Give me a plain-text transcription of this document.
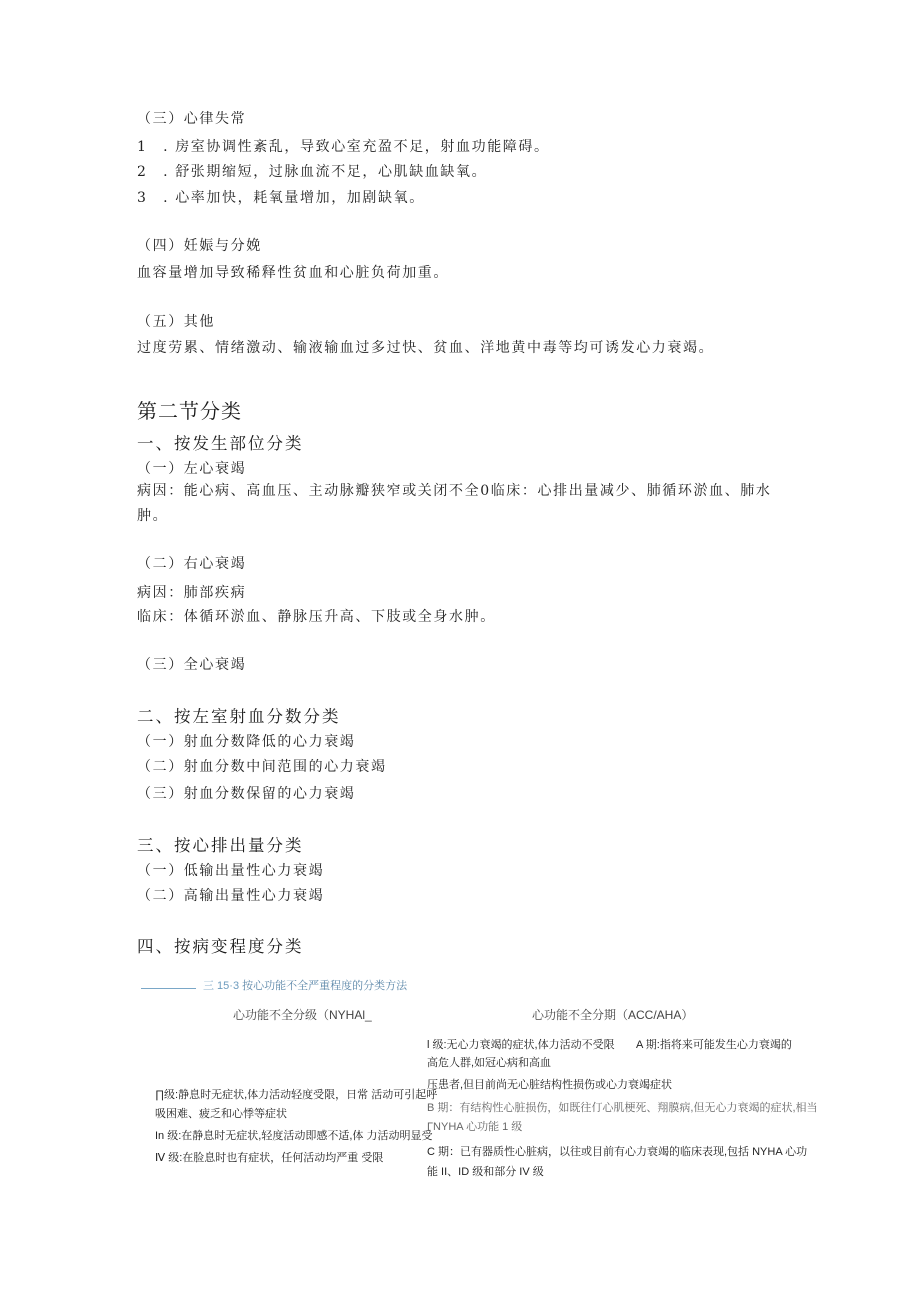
（三）心律失常
1　. 房室协调性紊乱，导致心室充盈不足，射血功能障碍。
2　. 舒张期缩短，过脉血流不足，心肌缺血缺氧。
3　. 心率加快，耗氧量增加，加剧缺氧。
（四）妊娠与分娩
血容量增加导致稀释性贫血和心脏负荷加重。
（五）其他
过度劳累、情绪激动、输液输血过多过快、贫血、洋地黄中毒等均可诱发心力衰竭。
第二节分类
一、按发生部位分类
（一）左心衰竭
病因：能心病、高血压、主动脉瓣狭窄或关闭不全0临床：心排出量减少、肺循环淤血、肺水肿。
（二）右心衰竭
病因：肺部疾病
临床：体循环淤血、静脉压升高、下肢或全身水肿。
（三）全心衰竭
二、按左室射血分数分类
（一）射血分数降低的心力衰竭
（二）射血分数中间范围的心力衰竭
（三）射血分数保留的心力衰竭
三、按心排出量分类
（一）低输出量性心力衰竭
（二）高输出量性心力衰竭
四、按病变程度分类
三 15·3 按心功能不全严重程度的分类方法
心功能不全分级（NYHAl_	心功能不全分期（ACC/AHA）
∏级:静息时无症状,体力活动轻度受限，日常 活动可引起呼
吸困难、疲乏和心悸等症状
In 级:在静息时无症状,轻度活动即感不适,体 力活动明显受
Ⅳ 级:在脸息时也有症状，任何活动均严重 受限
l 级:无心力衰竭的症状,体力活动不受限 A 期:指将来可能发生心力衰竭的
高危人群,如冠心病和高血
压患者,但目前尚无心脏结构性损伤或心力衰竭症状
B 期：有结构性心脏损伤，如既往仃心肌梗死、翔膜病,但无心力衰竭的症状,相当
ΓNYHA 心功能 1 级
C 期：已有器质性心脏病，以往或目前有心力衰竭的临床表现,包括 NYHA 心功
能 II、ID 级和部分 IV 级
